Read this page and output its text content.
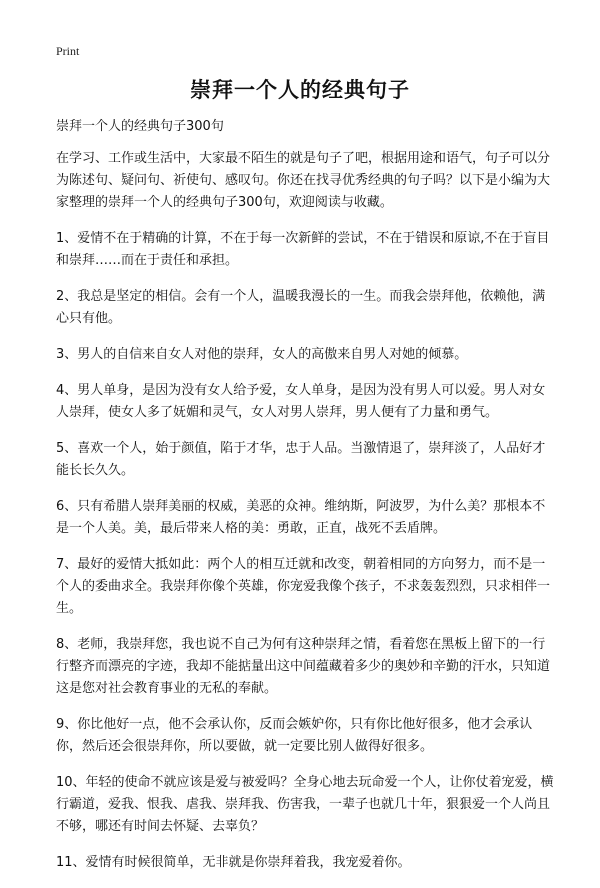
Print
崇拜一个人的经典句子

崇拜一个人的经典句子300句

在学习、工作或生活中，大家最不陌生的就是句子了吧，根据用途和语气，句子可以分为陈述句、疑问句、祈使句、感叹句。你还在找寻优秀经典的句子吗？以下是小编为大家整理的崇拜一个人的经典句子300句，欢迎阅读与收藏。

1、爱情不在于精确的计算，不在于每一次新鲜的尝试，不在于错误和原谅,不在于盲目和崇拜……而在于责任和承担。

2、我总是坚定的相信。会有一个人，温暖我漫长的一生。而我会崇拜他，依赖他，满心只有他。

3、男人的自信来自女人对他的崇拜，女人的高傲来自男人对她的倾慕。

4、男人单身，是因为没有女人给予爱，女人单身，是因为没有男人可以爱。男人对女人崇拜，使女人多了妩媚和灵气，女人对男人崇拜，男人便有了力量和勇气。

5、喜欢一个人，始于颜值，陷于才华，忠于人品。当激情退了，崇拜淡了，人品好才能长长久久。

6、只有希腊人崇拜美丽的权威，美恶的众神。维纳斯，阿波罗，为什么美？那根本不是一个人美。美，最后带来人格的美：勇敢，正直，战死不丢盾牌。

7、最好的爱情大抵如此：两个人的相互迁就和改变，朝着相同的方向努力，而不是一个人的委曲求全。我崇拜你像个英雄，你宠爱我像个孩子，不求轰轰烈烈，只求相伴一生。

8、老师，我崇拜您，我也说不自己为何有这种崇拜之情，看着您在黑板上留下的一行行整齐而漂亮的字迹，我却不能掂量出这中间蕴藏着多少的奥妙和辛勤的汗水，只知道这是您对社会教育事业的无私的奉献。

9、你比他好一点，他不会承认你，反而会嫉妒你，只有你比他好很多，他才会承认你，然后还会很崇拜你，所以要做，就一定要比别人做得好很多。

10、年轻的使命不就应该是爱与被爱吗？全身心地去玩命爱一个人，让你仗着宠爱，横行霸道，爱我、恨我、虐我、崇拜我、伤害我，一辈子也就几十年，狠狠爱一个人尚且不够，哪还有时间去怀疑、去辜负？

11、爱情有时候很简单，无非就是你崇拜着我，我宠爱着你。
